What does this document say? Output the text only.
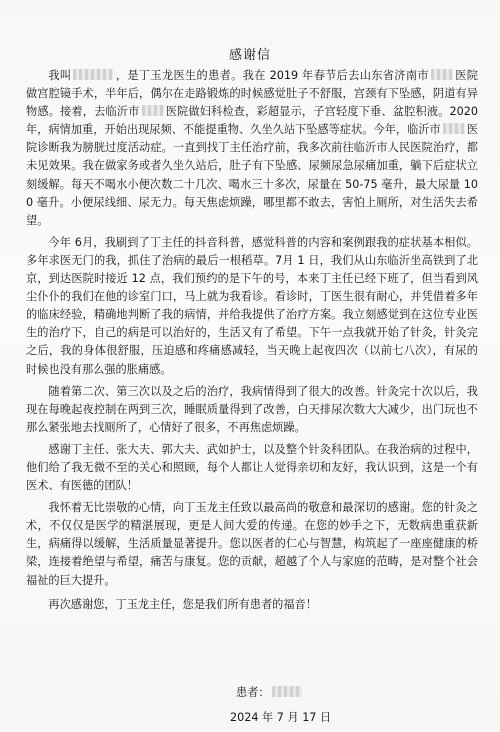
感谢信

我叫	，是丁玉龙医生的患者。我在 2019 年春节后去山东省济南市 医院做宫腔镜手术，半年后，偶尔在走路锻炼的时候感觉肚子不舒服，宫颈有下坠感，阴道有异物感。接着，去临沂市 医院做妇科检查，彩超显示，子宫轻度下垂、盆腔积液。2020 年，病情加重，开始出现尿频、不能提重物、久坐久站下坠感等症状。今年，临沂市 医院诊断我为膀胱过度活动症。一直到找丁主任治疗前，我多次前往临沂市人民医院治疗，都未见效果。我在做家务或者久坐久站后，肚子有下坠感、尿频尿急尿痛加重，躺下后症状立刻缓解。每天不喝水小便次数二十几次、喝水三十多次，尿量在 50-75 毫升，最大尿量 100 毫升。小便尿线细、尿无力。每天焦虑烦躁，哪里都不敢去，害怕上厕所，对生活失去希望。

今年 6月，我刷到了丁主任的抖音科普，感觉科普的内容和案例跟我的症状基本相似。多年求医无门的我，抓住了治病的最后一根稻草。7月 1 日，我们从山东临沂坐高铁到了北京，到达医院时接近 12 点，我们预约的是下午的号，本来丁主任已经下班了，但当看到风尘仆仆的我们在他的诊室门口，马上就为我看诊。看诊时，丁医生很有耐心，并凭借着多年的临床经验，精确地判断了我的病情，并给我提供了治疗方案。我立刻感觉到在这位专业医生的治疗下，自己的病是可以治好的，生活又有了希望。下午一点我就开始了针灸，针灸完之后，我的身体很舒服，压迫感和疼痛感减轻，当天晚上起夜四次（以前七八次），有尿的时候也没有那么强的胀痛感。

随着第二次、第三次以及之后的治疗，我病情得到了很大的改善。针灸完十次以后，我现在每晚起夜控制在两到三次，睡眠质量得到了改善，白天排尿次数大大减少，出门玩也不那么紧张地去找厕所了，心情好了很多，不再焦虑烦躁。

感谢丁主任、张大夫、郭大夫、武如护士，以及整个针灸科团队。在我治病的过程中，他们给了我无微不至的关心和照顾，每个人都让人觉得亲切和友好，我认识到，这是一个有医术、有医德的团队！

我怀着无比崇敬的心情，向丁玉龙主任致以最高尚的敬意和最深切的感谢。您的针灸之术，不仅仅是医学的精湛展现，更是人间大爱的传递。在您的妙手之下，无数病患重获新生，病痛得以缓解，生活质量显著提升。您以医者的仁心与智慧，构筑起了一座座健康的桥梁，连接着绝望与希望，痛苦与康复。您的贡献，超越了个人与家庭的范畴，是对整个社会福祉的巨大提升。

再次感谢您，丁玉龙主任，您是我们所有患者的福音！

患者：
2024 年 7 月 17 日
